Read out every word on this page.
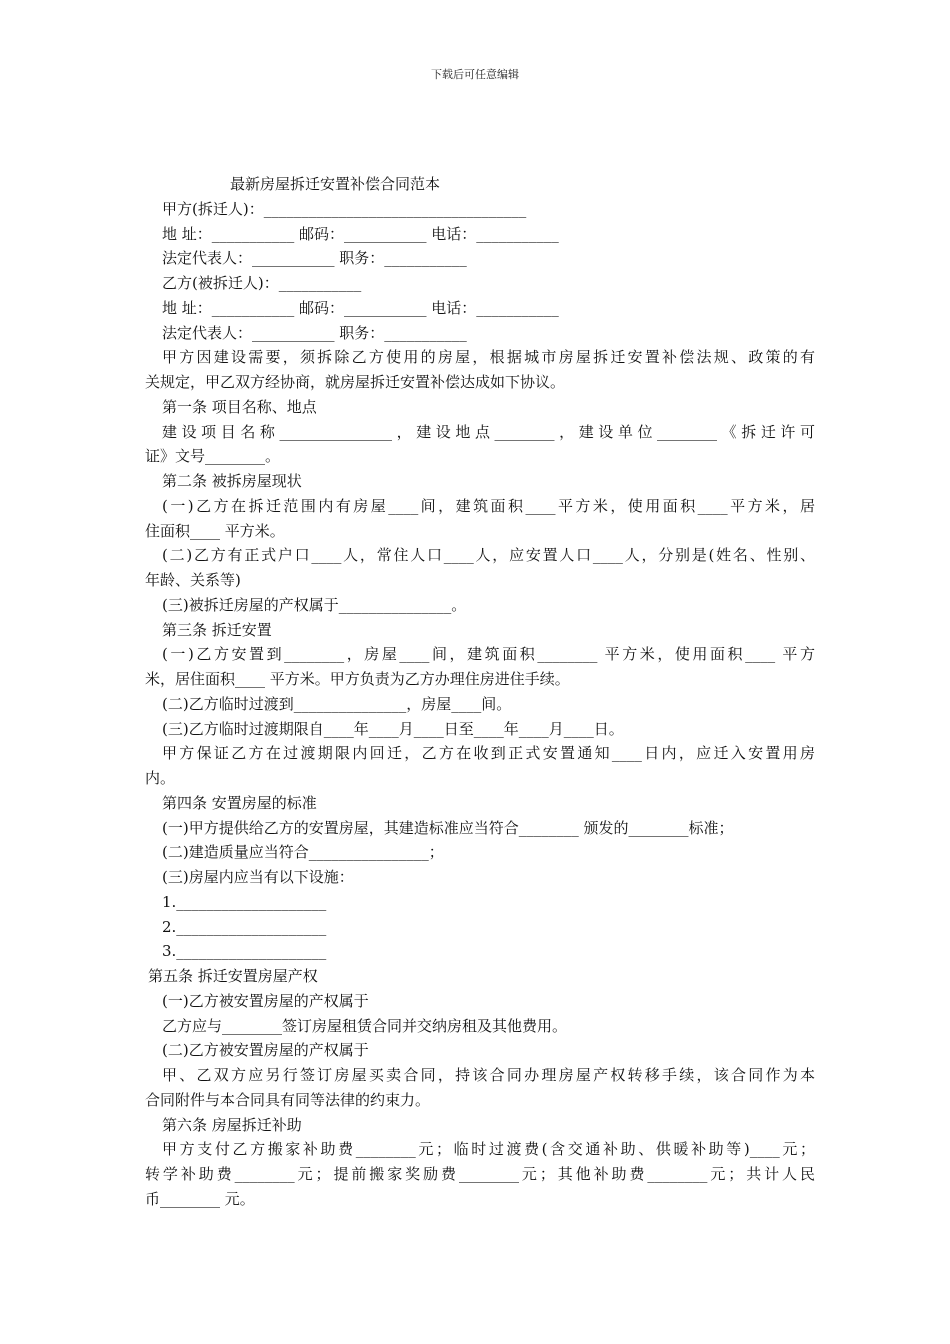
下载后可任意编辑
最新房屋拆迁安置补偿合同范本
甲方(拆迁人)：___________________________________
地 址：___________ 邮码：___________ 电话：___________
法定代表人：___________ 职务：___________
乙方(被拆迁人)：___________
地 址：___________ 邮码：___________ 电话：___________
法定代表人：___________ 职务：___________
甲方因建设需要，须拆除乙方使用的房屋，根据城市房屋拆迁安置补偿法规、政策的有
关规定，甲乙双方经协商，就房屋拆迁安置补偿达成如下协议。
第一条 项目名称、地点
建设项目名称_______________，建设地点________，建设单位________《拆迁许可
证》文号________。
第二条 被拆房屋现状
(一)乙方在拆迁范围内有房屋____间，建筑面积____平方米，使用面积____平方米，居
住面积____ 平方米。
(二)乙方有正式户口____人，常住人口____人，应安置人口____人，分别是(姓名、性别、
年龄、关系等)
(三)被拆迁房屋的产权属于_______________。
第三条 拆迁安置
(一)乙方安置到________，房屋____间，建筑面积________ 平方米，使用面积____ 平方
米，居住面积____ 平方米。甲方负责为乙方办理住房进住手续。
(二)乙方临时过渡到_______________，房屋____间。
(三)乙方临时过渡期限自____年____月____日至____年____月____日。
甲方保证乙方在过渡期限内回迁，乙方在收到正式安置通知____日内，应迁入安置用房
内。
第四条 安置房屋的标准
(一)甲方提供给乙方的安置房屋，其建造标准应当符合________ 颁发的________标准；
(二)建造质量应当符合________________；
(三)房屋内应当有以下设施：
1.____________________
2.____________________
3.____________________
第五条 拆迁安置房屋产权
(一)乙方被安置房屋的产权属于
乙方应与________签订房屋租赁合同并交纳房租及其他费用。
(二)乙方被安置房屋的产权属于
甲、乙双方应另行签订房屋买卖合同，持该合同办理房屋产权转移手续，该合同作为本
合同附件与本合同具有同等法律的约束力。
第六条 房屋拆迁补助
甲方支付乙方搬家补助费________元；临时过渡费(含交通补助、供暖补助等)____元；
转学补助费________元；提前搬家奖励费________元；其他补助费________元；共计人民
币________ 元。
